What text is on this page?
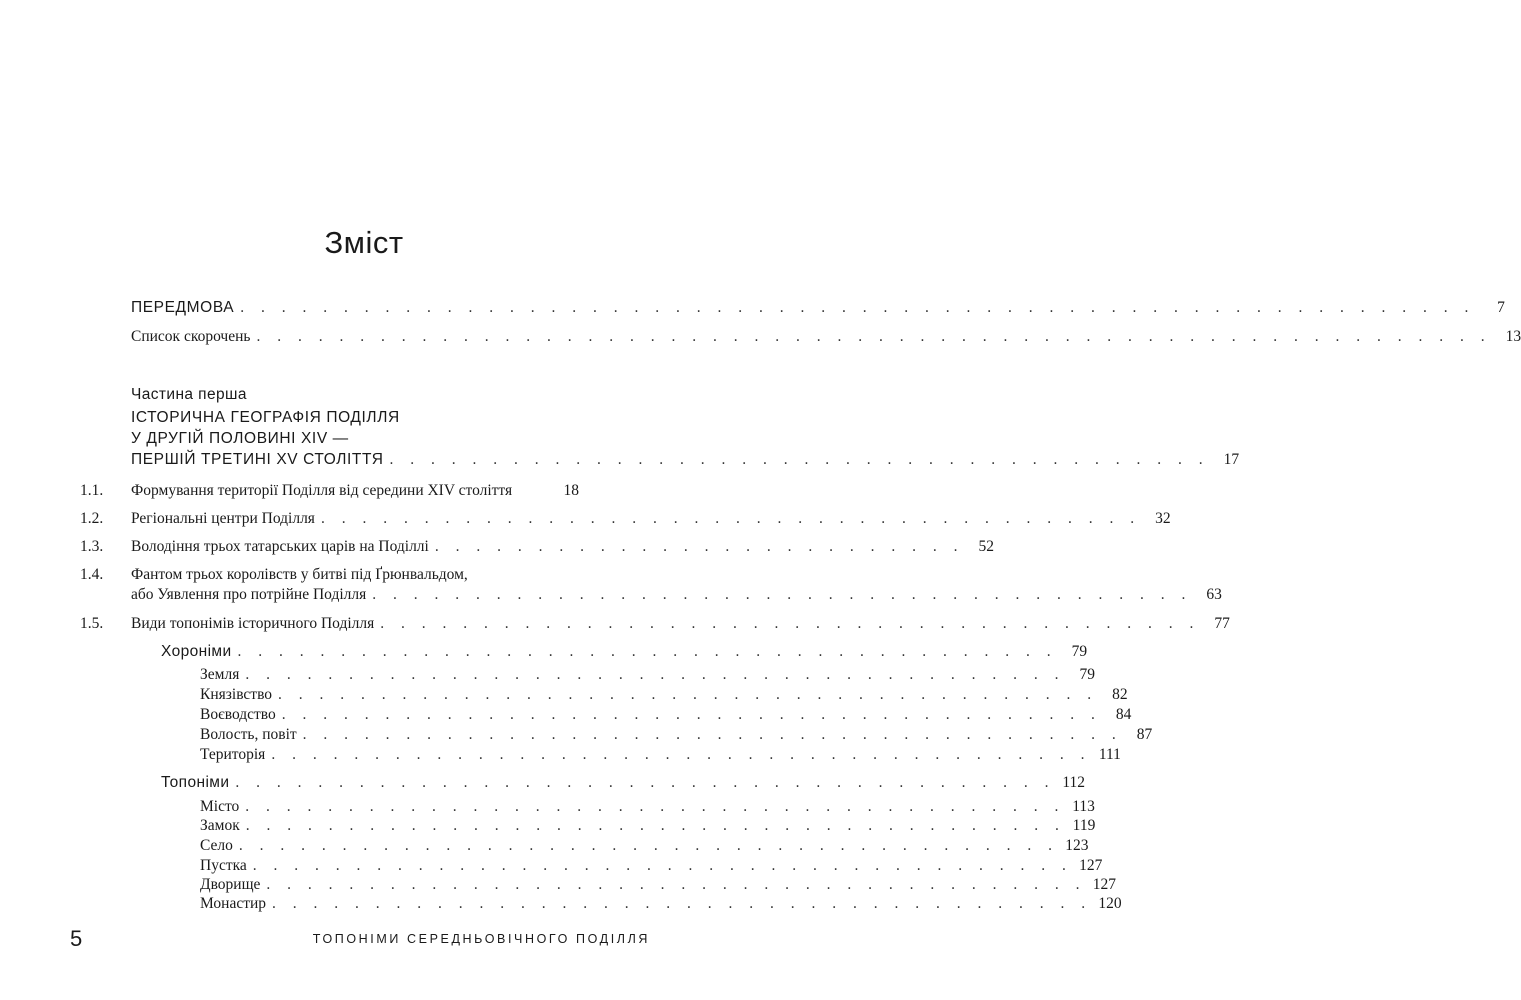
Зміст
ПЕРЕДМОВА . . . . . . . . . . . . . . . . . . . . . . . . . . . . . . . . . . . . . . . . . . . . . . . . . . . . . . . . . . . .	7
Список скорочень . . . . . . . . . . . . . . . . . . . . . . . . . . . . . . . . . . . . . . . . . . . . . . . . . . . . . . . . . . . . 13
Частина перша
ІСТОРИЧНА ГЕОГРАФІЯ ПОДІЛЛЯ
У ДРУГІЙ ПОЛОВИНІ XIV —
ПЕРШІЙ ТРЕТИНІ XV СТОЛІТТЯ . . . . . . . . . . . . . . . . . . . . . . . . . . . . . . . . . . . . . . . . 17
1.1. Формування території Поділля від середини XIV століття	18
1.2. Регіональні центри Поділля . . . . . . . . . . . . . . . . . . . . . . . . . . . . . . . . . . . . . . . . 32
1.3. Володіння трьох татарських царів на Поділлі . . . . . . . . . . . . . . . . . . . . . . . . . . 52
1.4. Фантом трьох королівств у битві під Ґрюнвальдом,
або Уявлення про потрійне Поділля . . . . . . . . . . . . . . . . . . . . . . . . . . . . . . . . . . . . . . . . 63
1.5. Види топонімів історичного Поділля . . . . . . . . . . . . . . . . . . . . . . . . . . . . . . . . . . . . . . . . 77
Хороніми . . . . . . . . . . . . . . . . . . . . . . . . . . . . . . . . . . . . . . . . 79
Земля . . . . . . . . . . . . . . . . . . . . . . . . . . . . . . . . . . . . . . . . 79
Князівство . . . . . . . . . . . . . . . . . . . . . . . . . . . . . . . . . . . . . . . . 82
Воєводство . . . . . . . . . . . . . . . . . . . . . . . . . . . . . . . . . . . . . . . . 84
Волость, повіт . . . . . . . . . . . . . . . . . . . . . . . . . . . . . . . . . . . . . . . . 87
Територія . . . . . . . . . . . . . . . . . . . . . . . . . . . . . . . . . . . . . . . . 111
Топоніми . . . . . . . . . . . . . . . . . . . . . . . . . . . . . . . . . . . . . . . . 112
Місто . . . . . . . . . . . . . . . . . . . . . . . . . . . . . . . . . . . . . . . . 113
Замок . . . . . . . . . . . . . . . . . . . . . . . . . . . . . . . . . . . . . . . . 119
Село . . . . . . . . . . . . . . . . . . . . . . . . . . . . . . . . . . . . . . . . 123
Пустка . . . . . . . . . . . . . . . . . . . . . . . . . . . . . . . . . . . . . . . . 127
Дворище . . . . . . . . . . . . . . . . . . . . . . . . . . . . . . . . . . . . . . . . 127
Монастир . . . . . . . . . . . . . . . . . . . . . . . . . . . . . . . . . . . . . . . . 120
5	ТОПОНІМИ СЕРЕДНЬОВІЧНОГО ПОДІЛЛЯ
